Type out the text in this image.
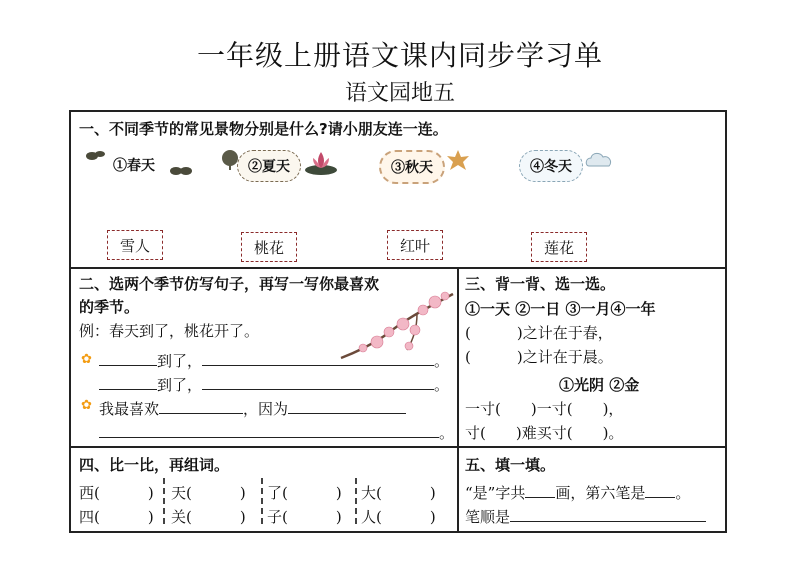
一年级上册语文课内同步学习单
语文园地五
一、不同季节的常见景物分别是什么?请小朋友连一连。
①春天	②夏天	③秋天	④冬天
雪人	桃花	红叶	莲花
二、选两个季节仿写句子，再写一写你最喜欢
的季节。
例：春天到了，桃花开了。
✿	到了，	。
到了，	。
✿ 我最喜欢	，因为
。
三、背一背、选一选。
①一天 ②一日 ③一月④一年
(	)之计在于春，
(	)之计在于晨。
①光阴 ②金
一寸( )一寸( )，
寸( )难买寸( )。
四、比一比，再组词。
西(	) 天(	) 了(	) 大(	)
四(	) 关(	) 子(	) 人(	)
五、填一填。
“是”字共 画，第六笔是 。
笔顺是
